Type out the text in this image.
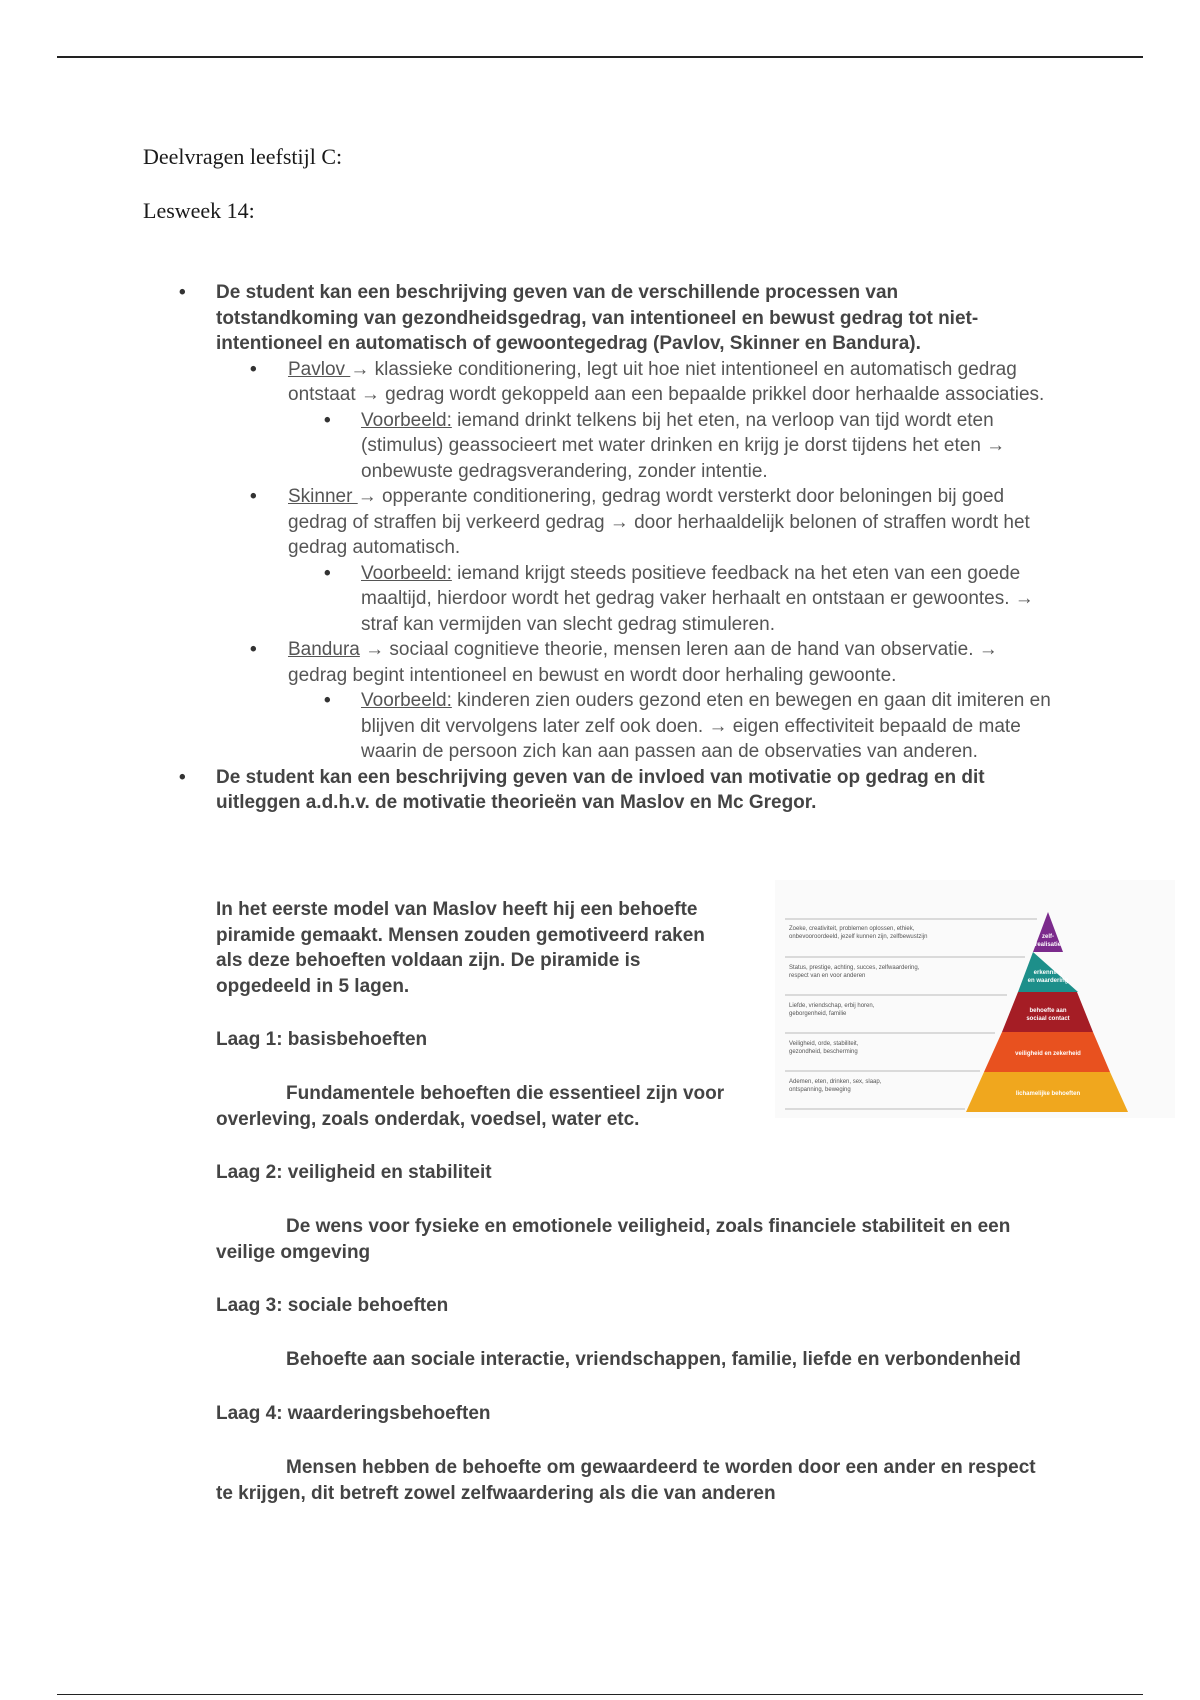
Deelvragen leefstijl C:
Lesweek 14:
• De student kan een beschrijving geven van de verschillende processen van totstandkoming van gezondheidsgedrag, van intentioneel en bewust gedrag tot niet-intentioneel en automatisch of gewoontegedrag (Pavlov, Skinner en Bandura).
• Pavlov → klassieke conditionering, legt uit hoe niet intentioneel en automatisch gedrag ontstaat → gedrag wordt gekoppeld aan een bepaalde prikkel door herhaalde associaties.
• Voorbeeld: iemand drinkt telkens bij het eten, na verloop van tijd wordt eten (stimulus) geassocieert met water drinken en krijg je dorst tijdens het eten → onbewuste gedragsverandering, zonder intentie.
• Skinner → opperante conditionering, gedrag wordt versterkt door beloningen bij goed gedrag of straffen bij verkeerd gedrag → door herhaaldelijk belonen of straffen wordt het gedrag automatisch.
• Voorbeeld: iemand krijgt steeds positieve feedback na het eten van een goede maaltijd, hierdoor wordt het gedrag vaker herhaalt en ontstaan er gewoontes. → straf kan vermijden van slecht gedrag stimuleren.
• Bandura → sociaal cognitieve theorie, mensen leren aan de hand van observatie. → gedrag begint intentioneel en bewust en wordt door herhaling gewoonte.
• Voorbeeld: kinderen zien ouders gezond eten en bewegen en gaan dit imiteren en blijven dit vervolgens later zelf ook doen. → eigen effectiviteit bepaald de mate waarin de persoon zich kan aan passen aan de observaties van anderen.
• De student kan een beschrijving geven van de invloed van motivatie op gedrag en dit uitleggen a.d.h.v. de motivatie theorieën van Maslov en Mc Gregor.
In het eerste model van Maslov heeft hij een behoefte piramide gemaakt. Mensen zouden gemotiveerd raken als deze behoeften voldaan zijn. De piramide is opgedeeld in 5 lagen.
Laag 1: basisbehoeften
Fundamentele behoeften die essentieel zijn voor overleving, zoals onderdak, voedsel, water etc.
Laag 2: veiligheid en stabiliteit
De wens voor fysieke en emotionele veiligheid, zoals financiele stabiliteit en een veilige omgeving
Laag 3: sociale behoeften
Behoefte aan sociale interactie, vriendschappen, familie, liefde en verbondenheid
Laag 4: waarderingsbehoeften
Mensen hebben de behoefte om gewaardeerd te worden door een ander en respect te krijgen, dit betreft zowel zelfwaardering als die van anderen
Zoeke, creativiteit, problemen oplossen, ethiek, onbevooroordeeld, jezelf kunnen zijn, zelfbewustzijn
Status, prestige, achting, succes, zelfwaardering, respect van en voor anderen
Liefde, vriendschap, erbij horen, geborgenheid, familie
Veiligheid, orde, stabiliteit, gezondheid, bescherming
Ademen, eten, drinken, sex, slaap, ontspanning, beweging
zelf-realisatie
erkenning en waardering
behoefte aan sociaal contact
veiligheid en zekerheid
lichamelijke behoeften
